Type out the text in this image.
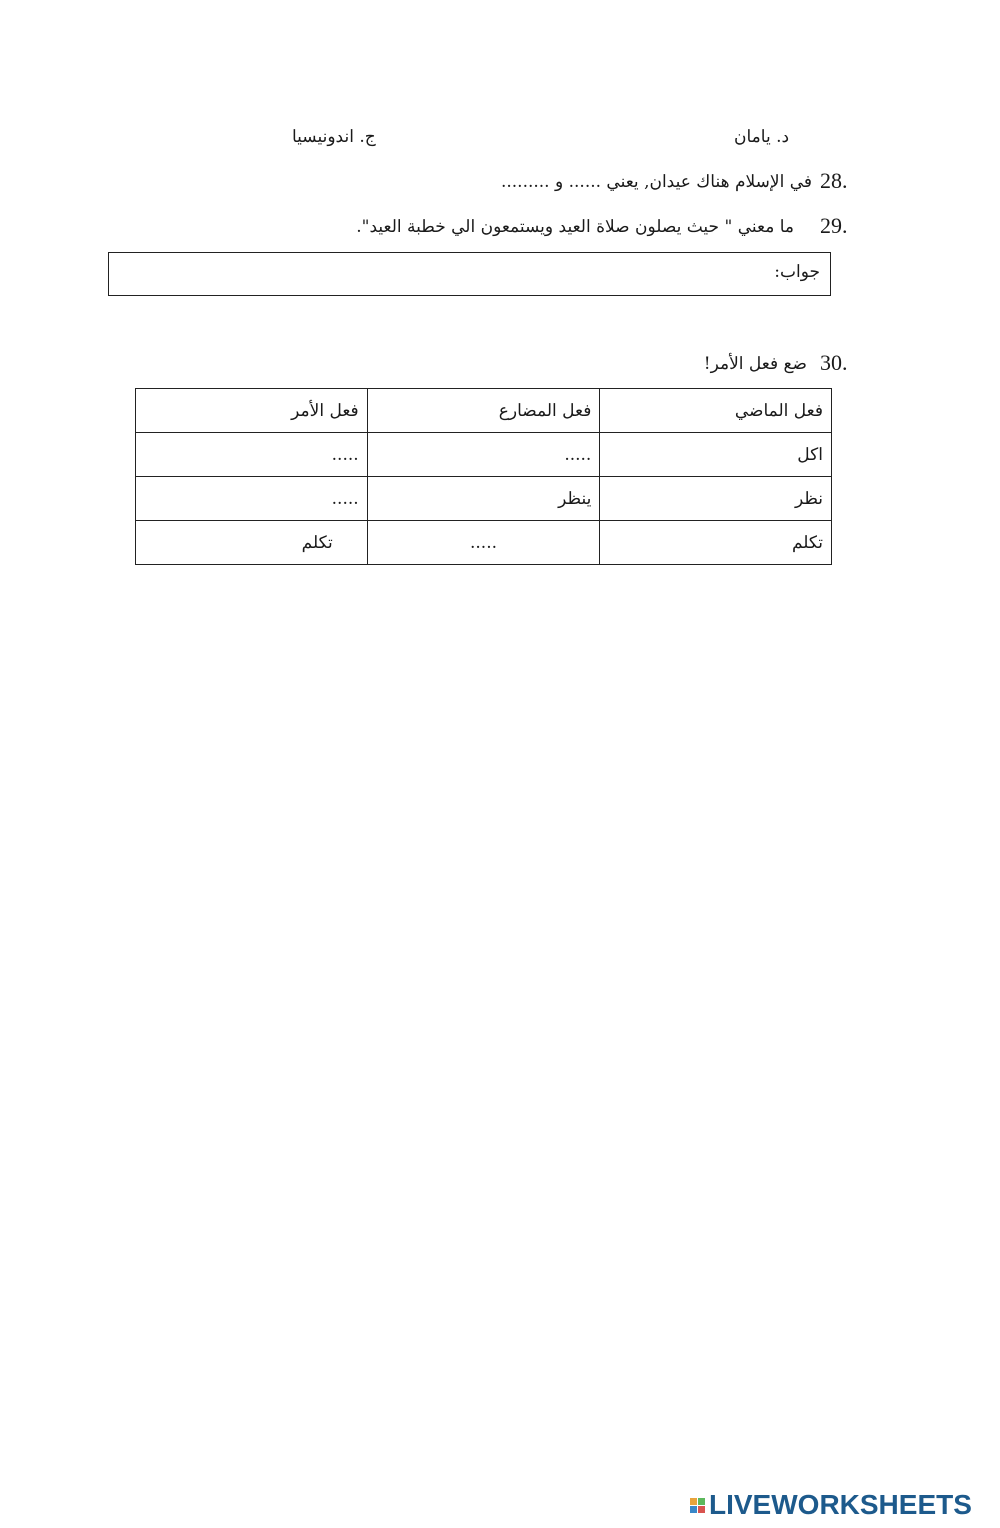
د. يامان
ج. اندونيسيا
28.
في الإسلام هناك عيدان, يعني ...... و .........
29.
ما معني " حيث يصلون صلاة العيد ويستمعون الي خطبة العيد".
جواب:
30.
ضع فعل الأمر!
فعل الماضي	فعل المضارع	فعل الأمر
اكل	.....	.....
نظر	ينظر	.....
تكلم	.....	تكلم
LIVEWORKSHEETS
